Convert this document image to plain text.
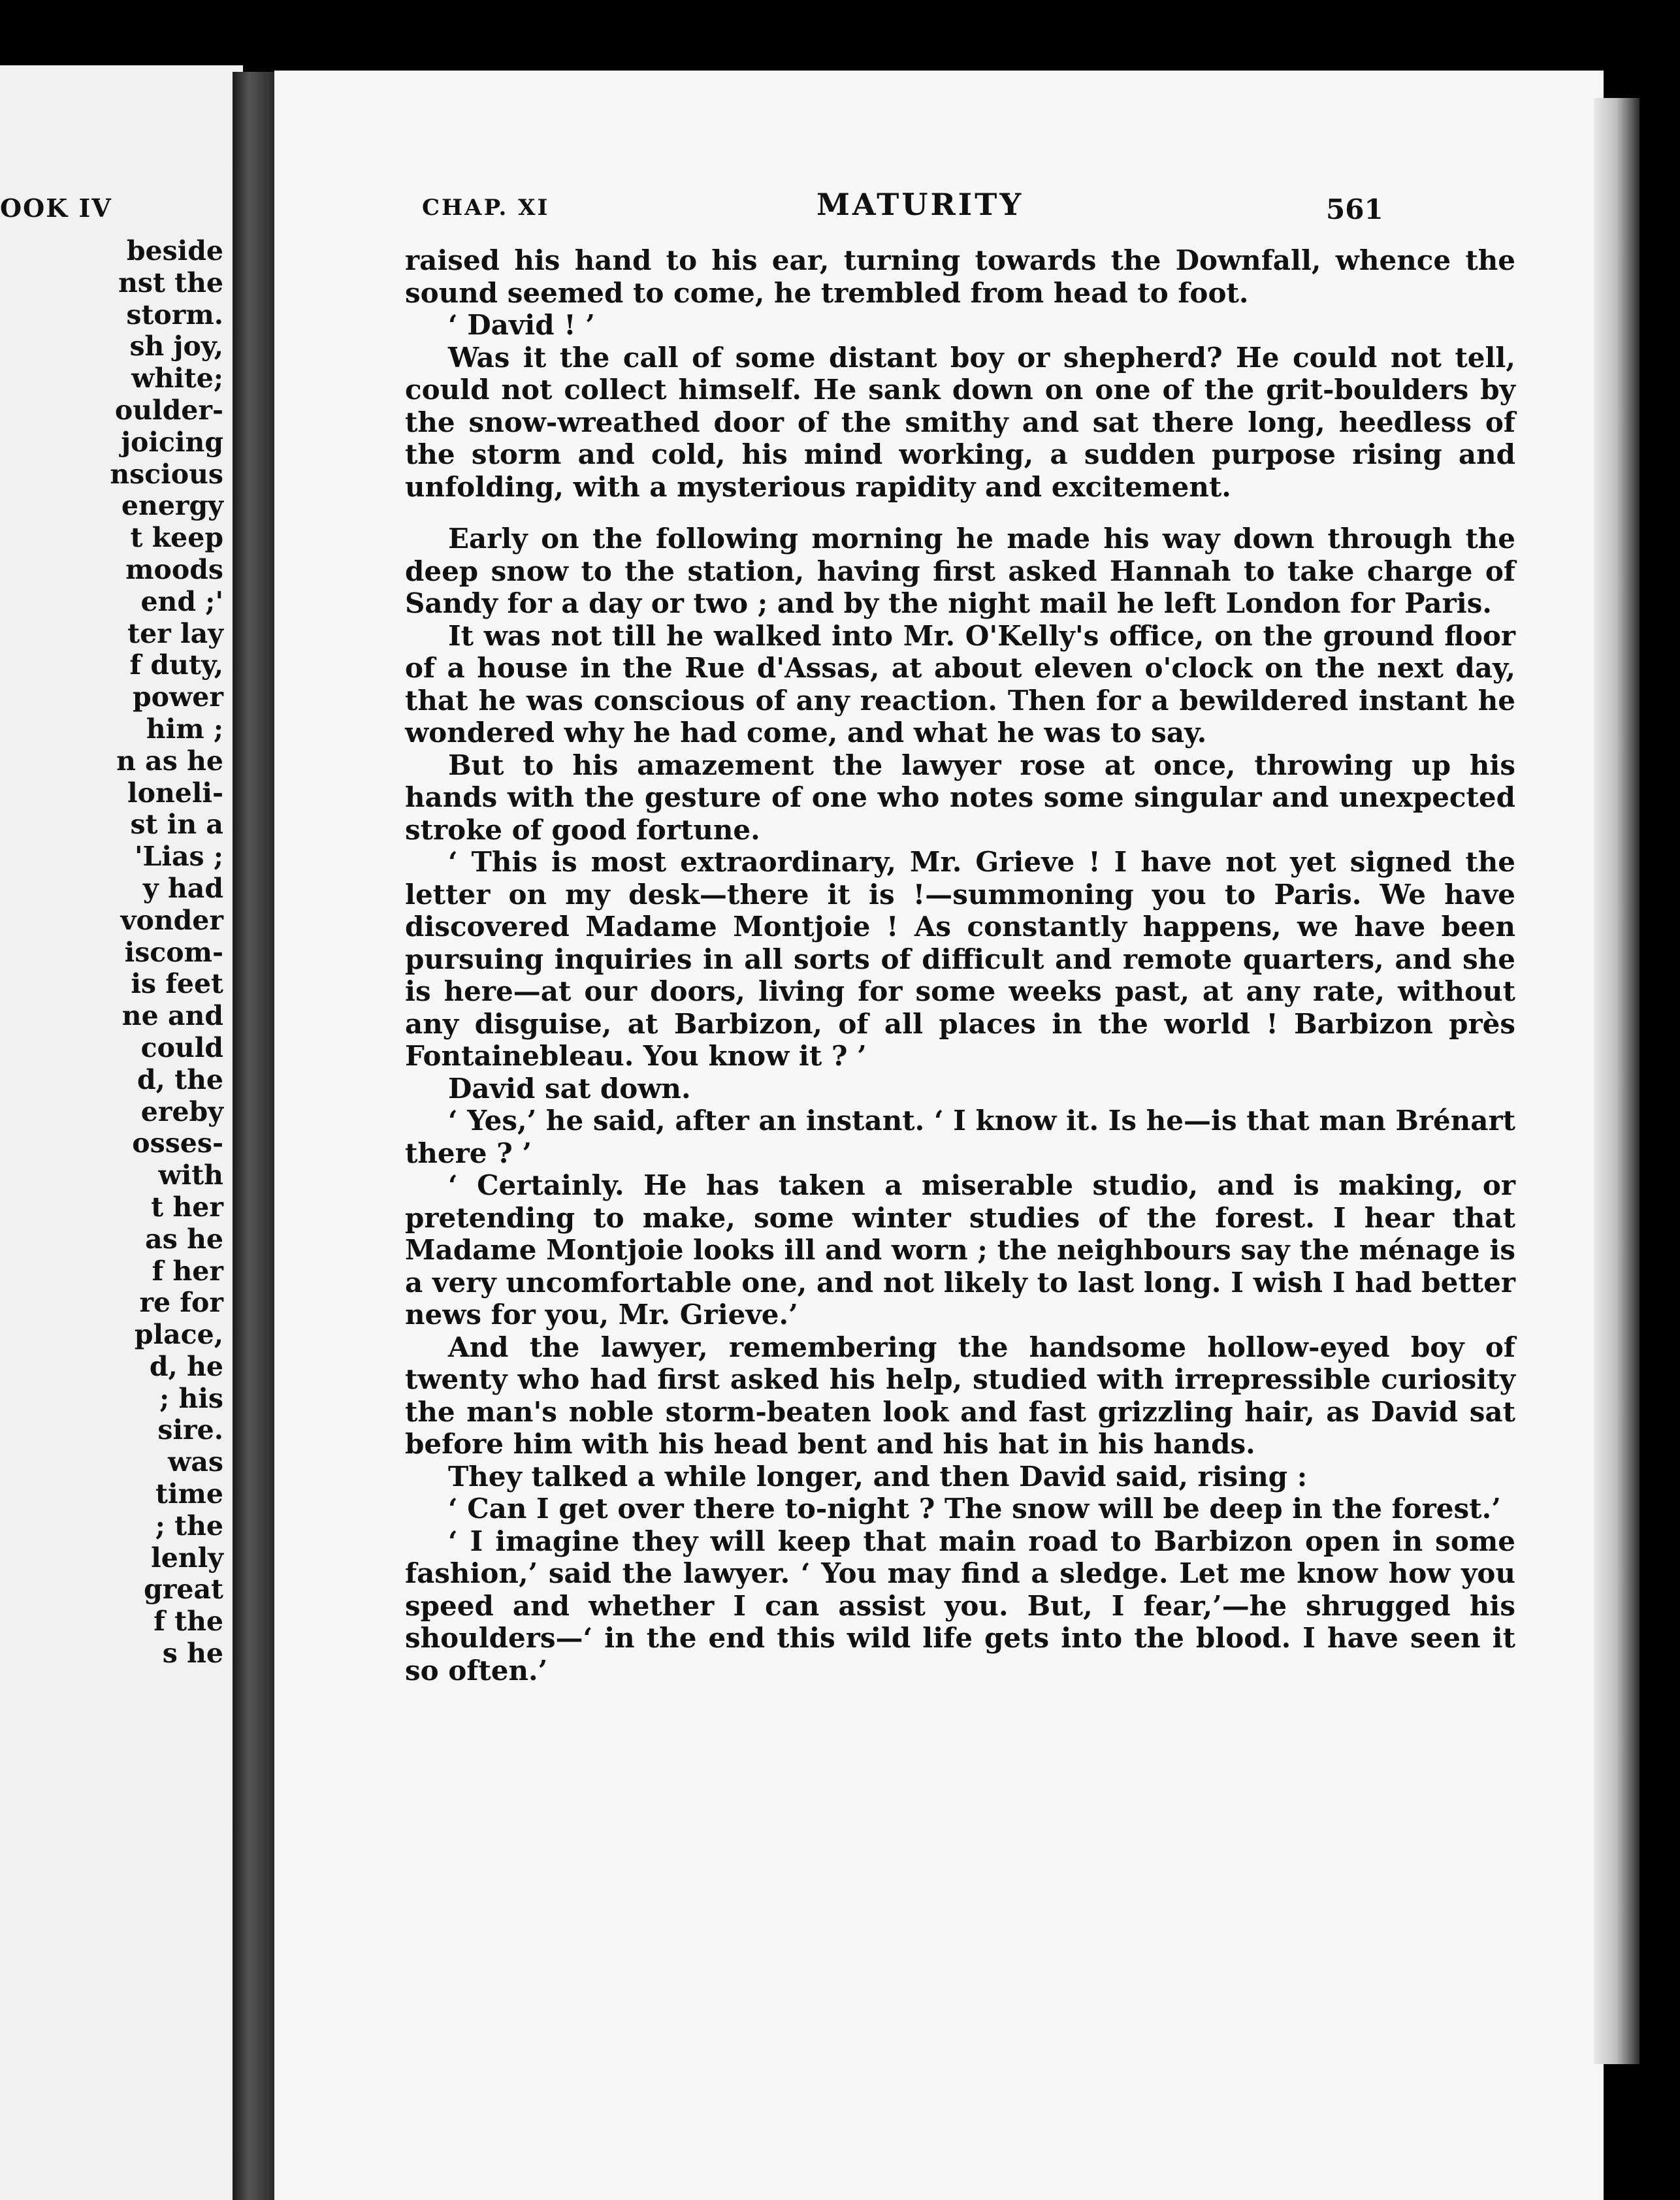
OOK IV
beside
nst the
storm.
sh joy,
white;
oulder-
joicing
nscious
energy
t keep
moods
end ;'
ter lay
f duty,
power
him ;
n as he
loneli-
st in a
'Lias ;
y had
vonder
iscom-
is feet
ne and
could
d, the
ereby
osses-
with
t her
as he
f her
re for
place,
d, he
; his
sire.
was
time
; the
lenly
great
f the
s he
CHAP. XI	MATURITY	561

raised his hand to his ear, turning towards the Downfall, whence the sound seemed to come, he trembled from head to foot.

‘ David ! ’

Was it the call of some distant boy or shepherd? He could not tell, could not collect himself. He sank down on one of the grit-boulders by the snow-wreathed door of the smithy and sat there long, heedless of the storm and cold, his mind working, a sudden purpose rising and unfolding, with a mysterious rapidity and excitement.

Early on the following morning he made his way down through the deep snow to the station, having first asked Hannah to take charge of Sandy for a day or two ; and by the night mail he left London for Paris.

It was not till he walked into Mr. O'Kelly's office, on the ground floor of a house in the Rue d'Assas, at about eleven o'clock on the next day, that he was conscious of any reaction. Then for a bewildered instant he wondered why he had come, and what he was to say.

But to his amazement the lawyer rose at once, throwing up his hands with the gesture of one who notes some singular and unexpected stroke of good fortune.

‘ This is most extraordinary, Mr. Grieve ! I have not yet signed the letter on my desk—there it is !—summoning you to Paris. We have discovered Madame Montjoie ! As constantly happens, we have been pursuing inquiries in all sorts of difficult and remote quarters, and she is here—at our doors, living for some weeks past, at any rate, without any disguise, at Barbizon, of all places in the world ! Barbizon près Fontainebleau. You know it ? ’

David sat down.

‘ Yes,’ he said, after an instant. ‘ I know it. Is he—is that man Brénart there ? ’

‘ Certainly. He has taken a miserable studio, and is making, or pretending to make, some winter studies of the forest. I hear that Madame Montjoie looks ill and worn ; the neighbours say the ménage is a very uncomfortable one, and not likely to last long. I wish I had better news for you, Mr. Grieve.’

And the lawyer, remembering the handsome hollow-eyed boy of twenty who had first asked his help, studied with irrepressible curiosity the man's noble storm-beaten look and fast grizzling hair, as David sat before him with his head bent and his hat in his hands.

They talked a while longer, and then David said, rising :

‘ Can I get over there to-night ? The snow will be deep in the forest.’

‘ I imagine they will keep that main road to Barbizon open in some fashion,’ said the lawyer. ‘ You may find a sledge. Let me know how you speed and whether I can assist you. But, I fear,’—he shrugged his shoulders—‘ in the end this wild life gets into the blood. I have seen it so often.’
